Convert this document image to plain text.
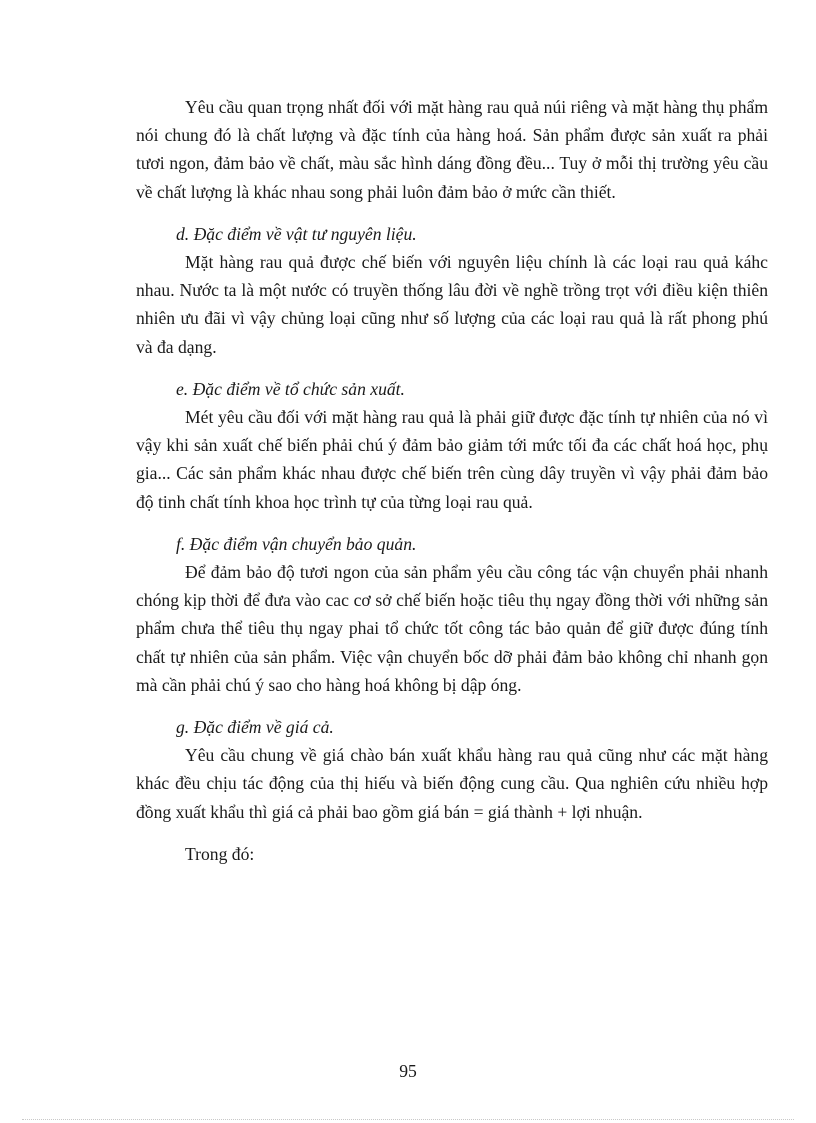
Yêu cầu quan trọng nhất đối với mặt hàng rau quả núi riêng và mặt hàng thụ phẩm nói chung đó là chất lượng và đặc tính của hàng hoá. Sản phẩm được sản xuất ra phải tươi ngon, đảm bảo về chất, màu sắc hình dáng đồng đều... Tuy ở mỗi thị trường yêu cầu về chất lượng là khác nhau song phải luôn đảm bảo ở mức cần thiết.

d. Đặc điểm về vật tư nguyên liệu.

Mặt hàng rau quả được chế biến với nguyên liệu chính là các loại rau quả káhc nhau. Nước ta là một nước có truyền thống lâu đời về nghề trồng trọt với điều kiện thiên nhiên ưu đãi vì vậy chủng loại cũng như số lượng của các loại rau quả là rất phong phú và đa dạng.

e. Đặc điểm về tổ chức sản xuất.

Mét yêu cầu đối với mặt hàng rau quả là phải giữ được đặc tính tự nhiên của nó vì vậy khi sản xuất chế biến phải chú ý đảm bảo giảm tới mức tối đa các chất hoá học, phụ gia... Các sản phẩm khác nhau được chế biến trên cùng dây truyền vì vậy phải đảm bảo độ tinh chất tính khoa học trình tự của từng loại rau quả.

f. Đặc điểm vận chuyển bảo quản.

Để đảm bảo độ tươi ngon của sản phẩm yêu cầu công tác vận chuyển phải nhanh chóng kịp thời để đưa vào cac cơ sở chế biến hoặc tiêu thụ ngay đồng thời với những sản phẩm chưa thể tiêu thụ ngay phai tổ chức tốt công tác bảo quản để giữ được đúng tính chất tự nhiên của sản phẩm. Việc vận chuyển bốc dỡ phải đảm bảo không chỉ nhanh gọn mà cần phải chú ý sao cho hàng hoá không bị dập óng.

g. Đặc điểm về giá cả.

Yêu cầu chung về giá chào bán xuất khẩu hàng rau quả cũng như các mặt hàng khác đều chịu tác động của thị hiếu và biến động cung cầu. Qua nghiên cứu nhiều hợp đồng xuất khẩu thì giá cả phải bao gồm giá bán = giá thành + lợi nhuận.

Trong đó:

95
